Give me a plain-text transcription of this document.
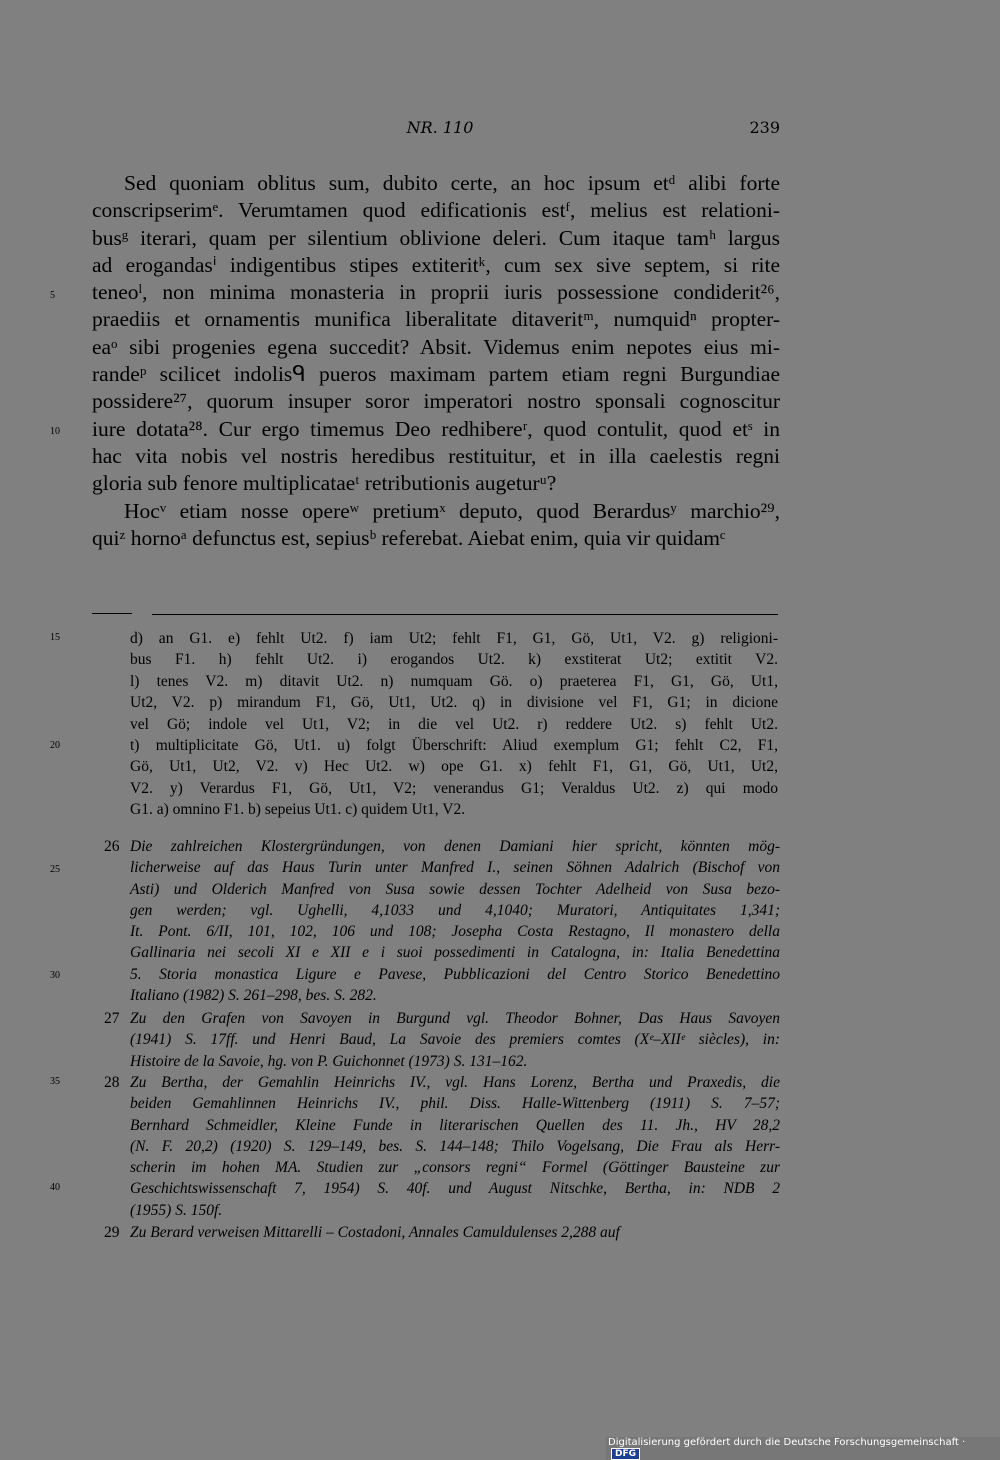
NR. 110	239
Sed quoniam oblitus sum, dubito certe, an hoc ipsum etᵈ alibi forte
conscripserimᵉ. Verumtamen quod edificationis estᶠ, melius est relationi-
busᵍ iterari, quam per silentium oblivione deleri. Cum itaque tamʰ largus
ad erogandasⁱ indigentibus stipes extiteritᵏ, cum sex sive septem, si rite
teneoˡ, non minima monasteria in proprii iuris possessione condiderit²⁶,
praediis et ornamentis munifica liberalitate ditaveritᵐ, numquidⁿ propter-
eaᵒ sibi progenies egena succedit? Absit. Videmus enim nepotes eius mi-
randeᵖ scilicet indolisᑫ pueros maximam partem etiam regni Burgundiae
possidere²⁷, quorum insuper soror imperatori nostro sponsali cognoscitur
iure dotata²⁸. Cur ergo timemus Deo redhibereʳ, quod contulit, quod etˢ in
hac vita nobis vel nostris heredibus restituitur, et in illa caelestis regni
gloria sub fenore multiplicataeᵗ retributionis augeturᵘ?
Hocᵛ etiam nosse opereʷ pretiumˣ deputo, quod Berardusʸ marchio²⁹,
quiᶻ hornoᵃ defunctus est, sepiusᵇ referebat. Aiebat enim, quia vir quidamᶜ
5
10
15
20
25
30
35
40
d) an G1. e) fehlt Ut2. f) iam Ut2; fehlt F1, G1, Gö, Ut1, V2. g) religioni-
bus F1. h) fehlt Ut2. i) erogandos Ut2. k) exstiterat Ut2; extitit V2.
l) tenes V2. m) ditavit Ut2. n) numquam Gö. o) praeterea F1, G1, Gö, Ut1,
Ut2, V2. p) mirandum F1, Gö, Ut1, Ut2. q) in divisione vel F1, G1; in dicione
vel Gö; indole vel Ut1, V2; in die vel Ut2. r) reddere Ut2. s) fehlt Ut2.
t) multiplicitate Gö, Ut1. u) folgt Überschrift: Aliud exemplum G1; fehlt C2, F1,
Gö, Ut1, Ut2, V2. v) Hec Ut2. w) ope G1. x) fehlt F1, G1, Gö, Ut1, Ut2,
V2. y) Verardus F1, Gö, Ut1, V2; venerandus G1; Veraldus Ut2. z) qui modo
G1. a) omnino F1. b) sepeius Ut1. c) quidem Ut1, V2.
26 Die zahlreichen Klostergründungen, von denen Damiani hier spricht, könnten mög-
licherweise auf das Haus Turin unter Manfred I., seinen Söhnen Adalrich (Bischof von
Asti) und Olderich Manfred von Susa sowie dessen Tochter Adelheid von Susa bezo-
gen werden; vgl. Ughelli, 4,1033 und 4,1040; Muratori, Antiquitates 1,341;
It. Pont. 6/II, 101, 102, 106 und 108; Josepha Costa Restagno, Il monastero della
Gallinaria nei secoli XI e XII e i suoi possedimenti in Catalogna, in: Italia Benedettina
5. Storia monastica Ligure e Pavese, Pubblicazioni del Centro Storico Benedettino
Italiano (1982) S. 261–298, bes. S. 282.
27 Zu den Grafen von Savoyen in Burgund vgl. Theodor Bohner, Das Haus Savoyen
(1941) S. 17ff. und Henri Baud, La Savoie des premiers comtes (Xᵉ–XIIᵉ siècles), in:
Histoire de la Savoie, hg. von P. Guichonnet (1973) S. 131–162.
28 Zu Bertha, der Gemahlin Heinrichs IV., vgl. Hans Lorenz, Bertha und Praxedis, die
beiden Gemahlinnen Heinrichs IV., phil. Diss. Halle-Wittenberg (1911) S. 7–57;
Bernhard Schmeidler, Kleine Funde in literarischen Quellen des 11. Jh., HV 28,2
(N. F. 20,2) (1920) S. 129–149, bes. S. 144–148; Thilo Vogelsang, Die Frau als Herr-
scherin im hohen MA. Studien zur „consors regni“ Formel (Göttinger Bausteine zur
Geschichtswissenschaft 7, 1954) S. 40f. und August Nitschke, Bertha, in: NDB 2
(1955) S. 150f.
29 Zu Berard verweisen Mittarelli – Costadoni, Annales Camuldulenses 2,288 auf
Digitalisierung gefördert durch die Deutsche Forschungsgemeinschaft · DFG
